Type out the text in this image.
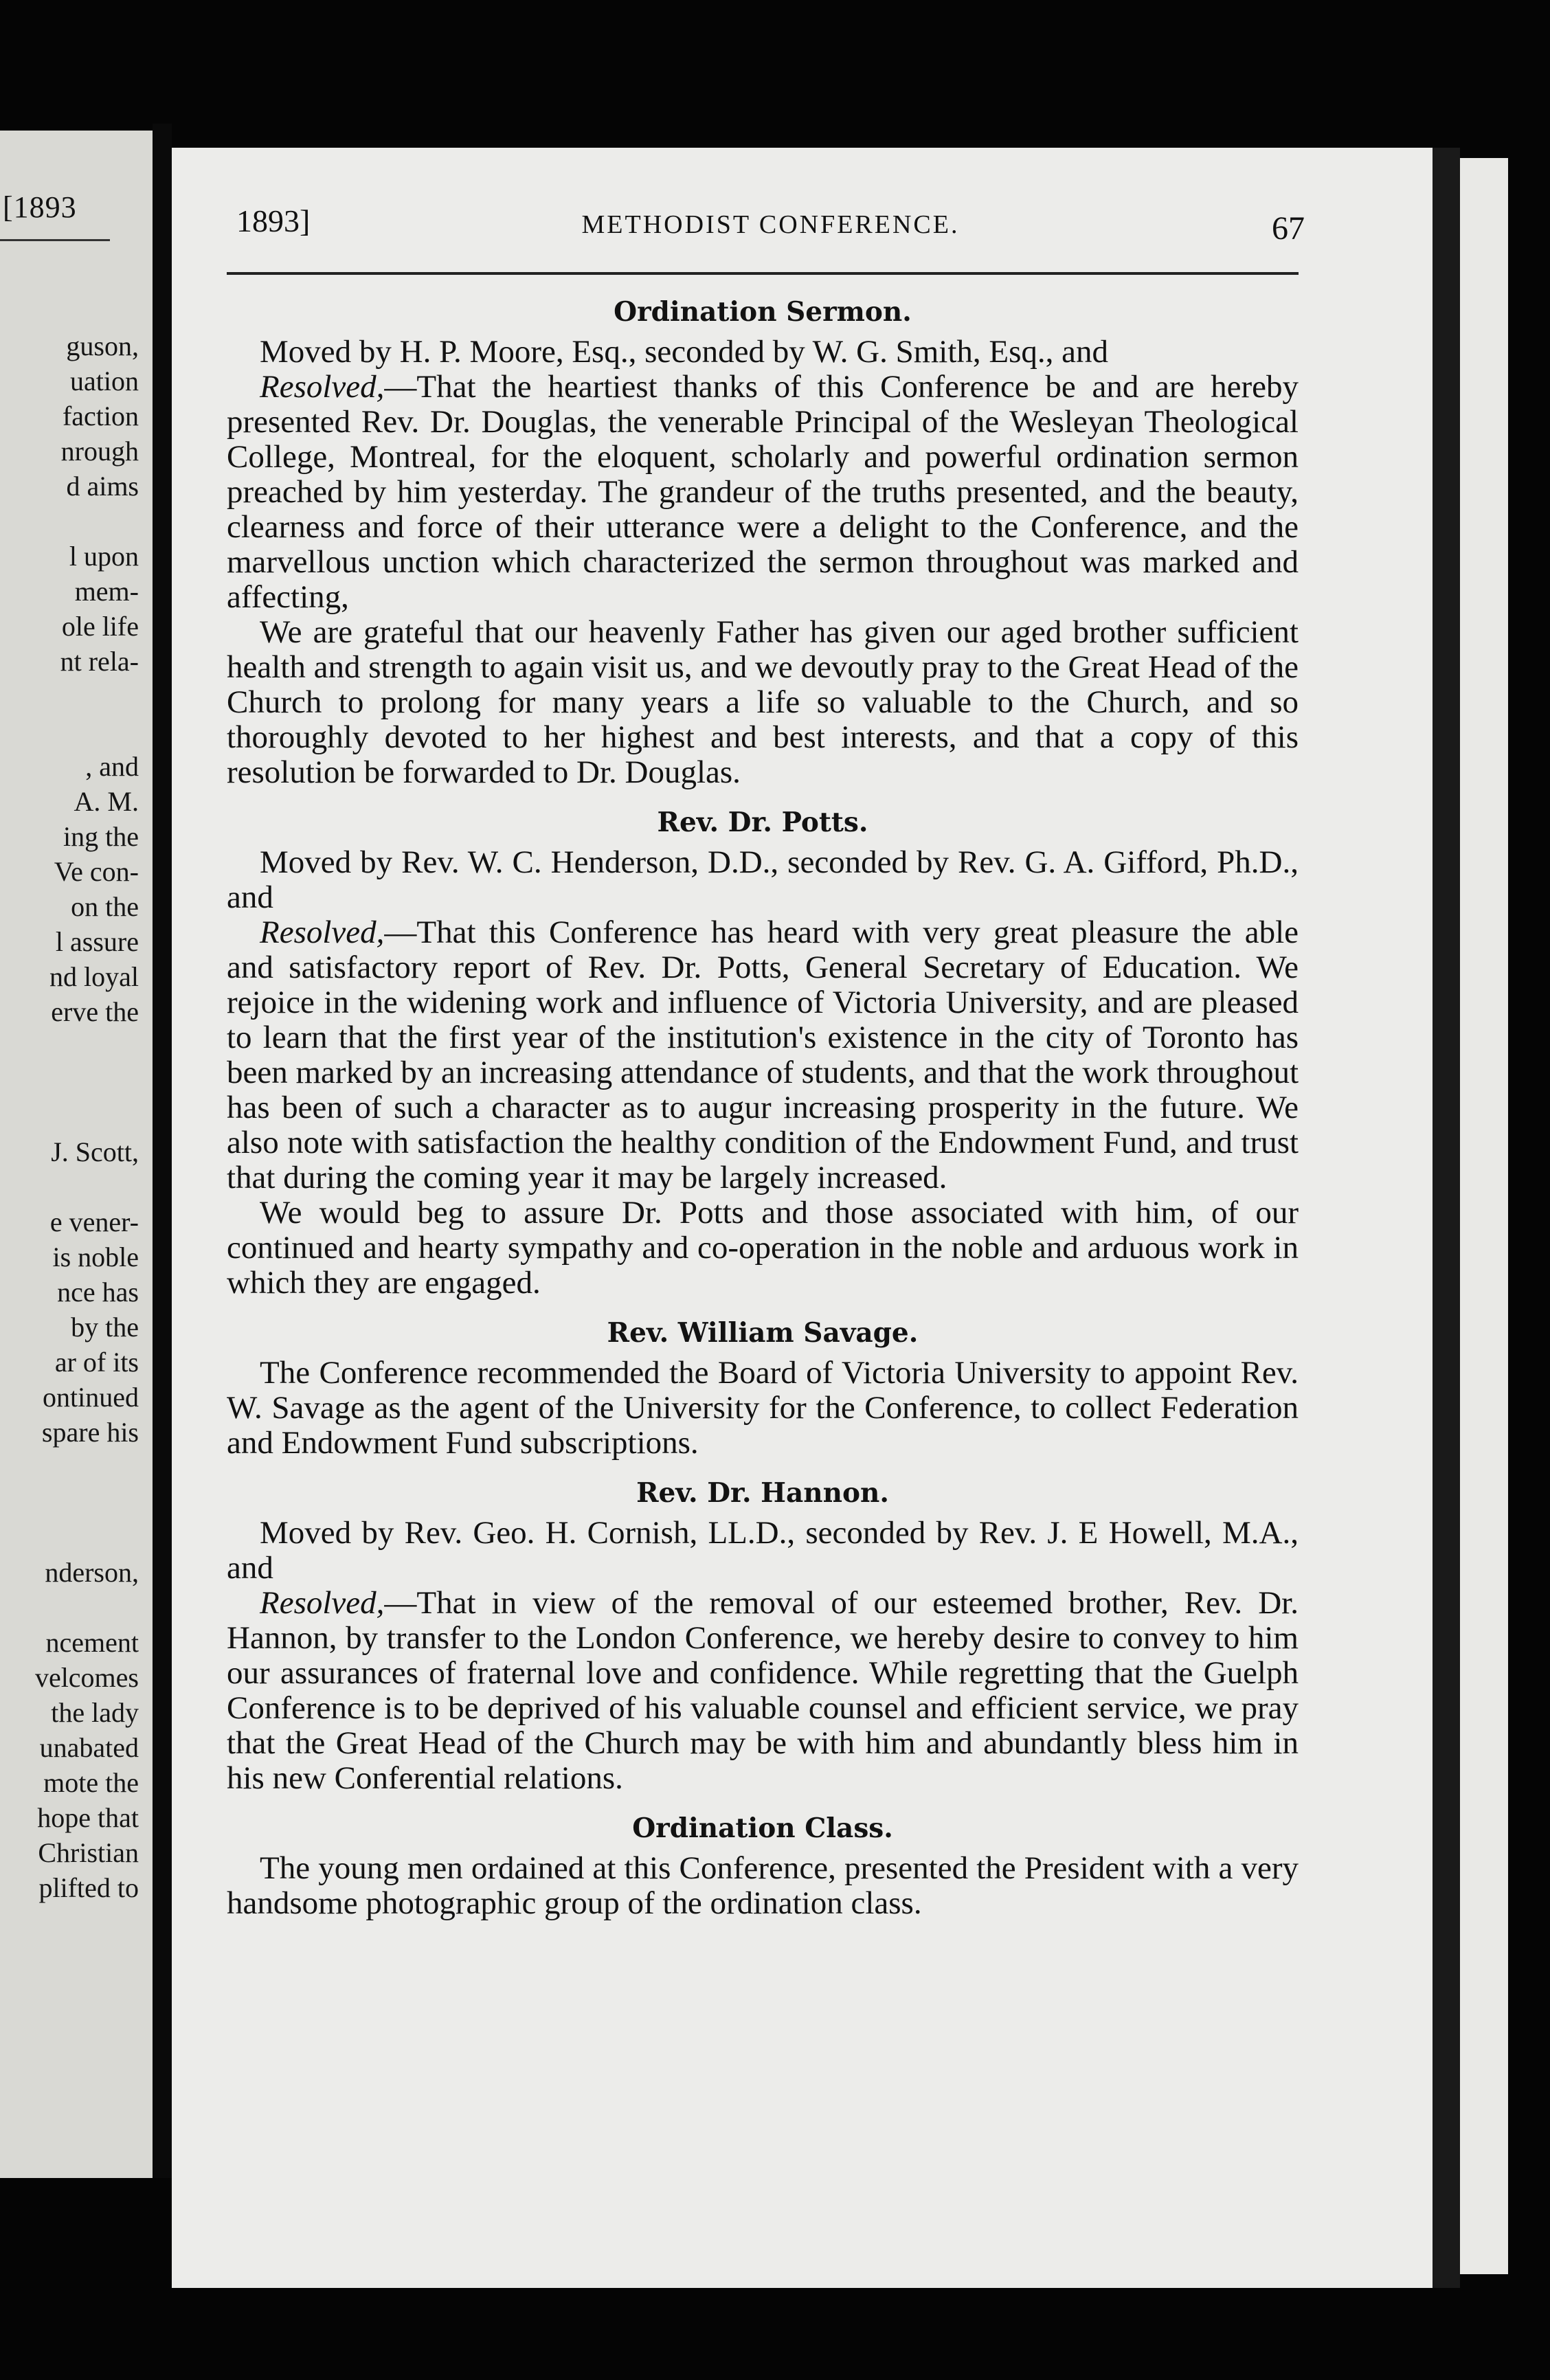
[1893
guson,
uation
faction
nrough
d aims
l upon
mem-
ole life
nt rela-
, and
A. M.
ing the
Ve con-
on the
l assure
nd loyal
erve the
J. Scott,
e vener-
is noble
nce has
by the
ar of its
ontinued
spare his
nderson,
ncement
velcomes
the lady
unabated
mote the
hope that
Christian
plifted to
1893]	METHODIST CONFERENCE.	67
Ordination Sermon.

Moved by H. P. Moore, Esq., seconded by W. G. Smith, Esq., and

Resolved,—That the heartiest thanks of this Conference be and are hereby presented Rev. Dr. Douglas, the venerable Principal of the Wesleyan Theological College, Montreal, for the eloquent, scholarly and powerful ordination sermon preached by him yesterday. The grandeur of the truths presented, and the beauty, clearness and force of their utterance were a delight to the Conference, and the marvellous unction which characterized the sermon throughout was marked and affecting,

We are grateful that our heavenly Father has given our aged brother sufficient health and strength to again visit us, and we devoutly pray to the Great Head of the Church to prolong for many years a life so valuable to the Church, and so thoroughly devoted to her highest and best interests, and that a copy of this resolution be forwarded to Dr. Douglas.

Rev. Dr. Potts.

Moved by Rev. W. C. Henderson, D.D., seconded by Rev. G. A. Gifford, Ph.D., and

Resolved,—That this Conference has heard with very great pleasure the able and satisfactory report of Rev. Dr. Potts, General Secretary of Education. We rejoice in the widening work and influence of Victoria University, and are pleased to learn that the first year of the institution's existence in the city of Toronto has been marked by an increasing attendance of students, and that the work throughout has been of such a character as to augur increasing prosperity in the future. We also note with satisfaction the healthy condition of the Endowment Fund, and trust that during the coming year it may be largely increased.

We would beg to assure Dr. Potts and those associated with him, of our continued and hearty sympathy and co-operation in the noble and arduous work in which they are engaged.

Rev. William Savage.

The Conference recommended the Board of Victoria University to appoint Rev. W. Savage as the agent of the University for the Conference, to collect Federation and Endowment Fund subscriptions.

Rev. Dr. Hannon.

Moved by Rev. Geo. H. Cornish, LL.D., seconded by Rev. J. E Howell, M.A., and

Resolved,—That in view of the removal of our esteemed brother, Rev. Dr. Hannon, by transfer to the London Conference, we hereby desire to convey to him our assurances of fraternal love and confidence. While regretting that the Guelph Conference is to be deprived of his valuable counsel and efficient service, we pray that the Great Head of the Church may be with him and abundantly bless him in his new Conferential relations.

Ordination Class.

The young men ordained at this Conference, presented the President with a very handsome photographic group of the ordination class.
